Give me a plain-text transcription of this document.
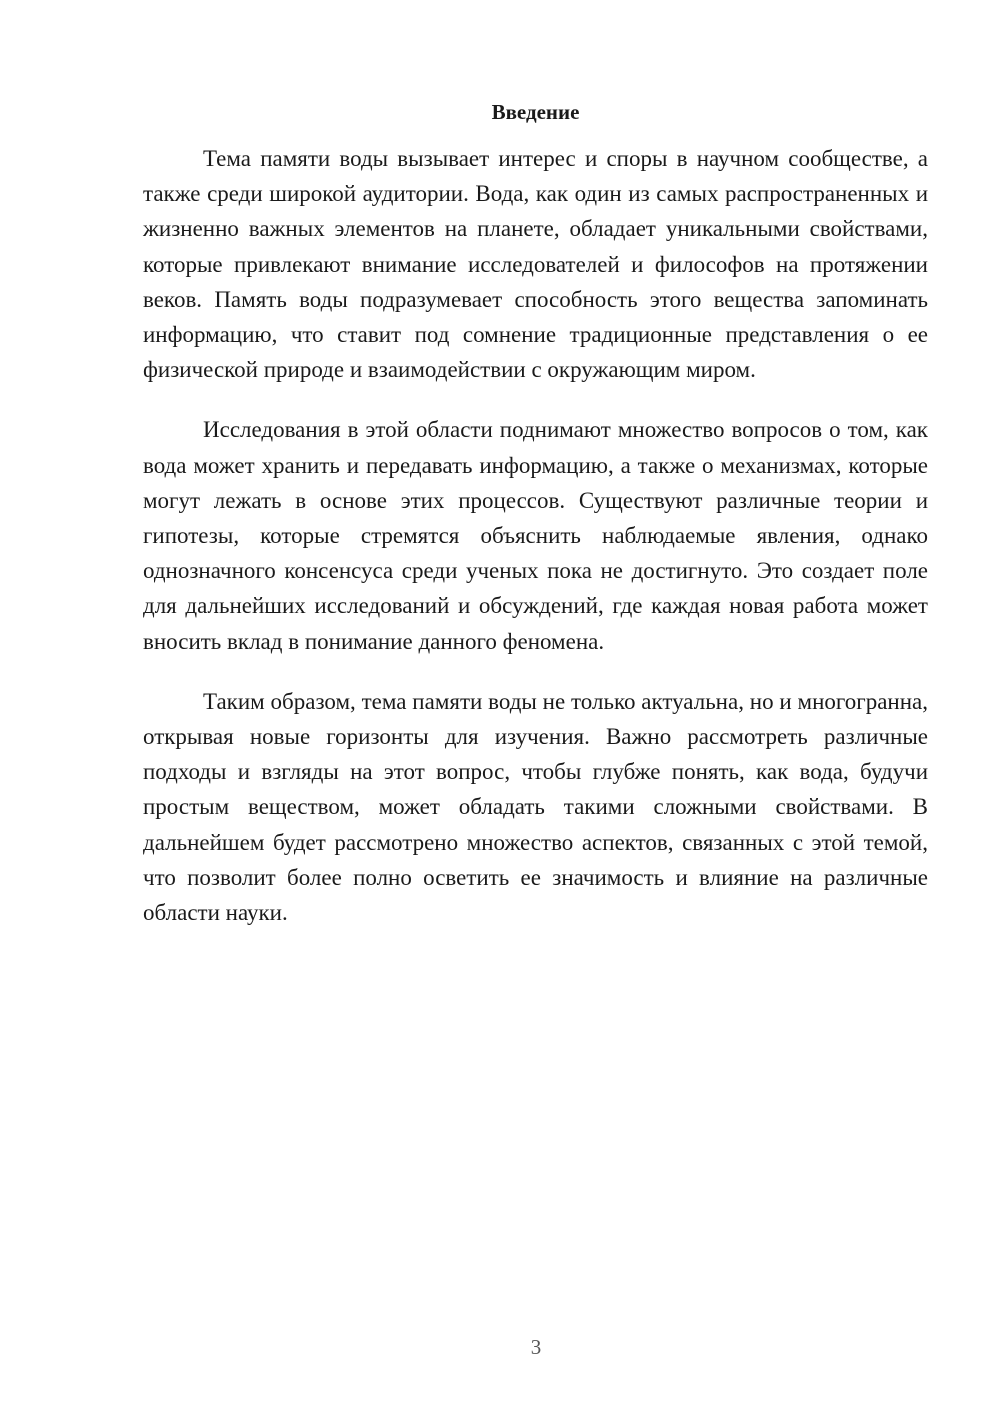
Введение

Тема памяти воды вызывает интерес и споры в научном сообществе, а также среди широкой аудитории. Вода, как один из самых распространенных и жизненно важных элементов на планете, обладает уникальными свойствами, которые привлекают внимание исследователей и философов на протяжении веков. Память воды подразумевает способность этого вещества запоминать информацию, что ставит под сомнение традиционные представления о ее физической природе и взаимодействии с окружающим миром.

Исследования в этой области поднимают множество вопросов о том, как вода может хранить и передавать информацию, а также о механизмах, которые могут лежать в основе этих процессов. Существуют различные теории и гипотезы, которые стремятся объяснить наблюдаемые явления, однако однозначного консенсуса среди ученых пока не достигнуто. Это создает поле для дальнейших исследований и обсуждений, где каждая новая работа может вносить вклад в понимание данного феномена.

Таким образом, тема памяти воды не только актуальна, но и многогранна, открывая новые горизонты для изучения. Важно рассмотреть различные подходы и взгляды на этот вопрос, чтобы глубже понять, как вода, будучи простым веществом, может обладать такими сложными свойствами. В дальнейшем будет рассмотрено множество аспектов, связанных с этой темой, что позволит более полно осветить ее значимость и влияние на различные области науки.

3
